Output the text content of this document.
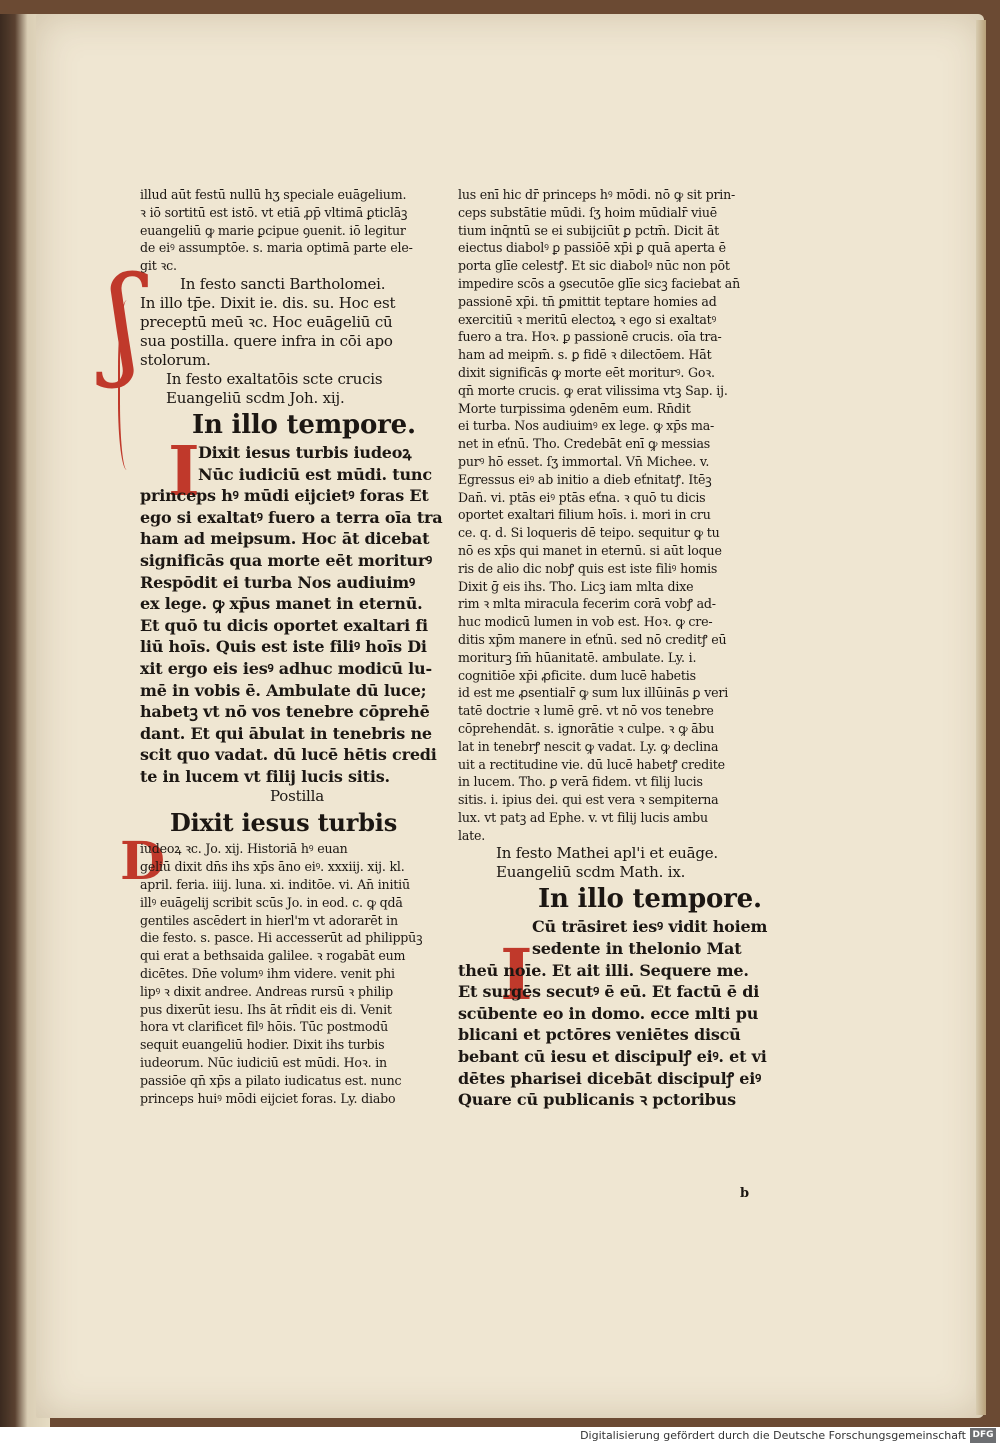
ʃ
I
D
I
illud aūt festū nullū hʒ speciale euāgelium.
ꝛ iō sortitū est istō. vt etiā ꝓp̄ vltimā ꝑticlāꝫ
euangeliū ꝙ marie ꝑcipue ꝯuenit. iō legitur
de eiꝰ assumptōe. s. maria optimā parte ele-
git ꝛc.
In festo sancti Bartholomei.
In illo tp̄e. Dixit ie. dis. su. Hoc est
preceptū meū ꝛc. Hoc euāgeliū cū
sua postilla. quere infra in cōi apo
stolorum.
In festo exaltatōis scte crucis
Euangeliū scdm Joh. xij.
In illo tempore.
Dixit iesus turbis iudeoꝝ
Nūc iudiciū est mūdi. tunc
princeps hꝰ mūdi eijcietꝰ foras Et
ego si exaltatꝰ fuero a terra oīa tra
ham ad meipsum. Hoc āt dicebat
significās qua morte eēt moriturꝰ
Respōdit ei turba Nos audiuimꝰ
ex lege. ꝙ xp̄us manet in eternū.
Et quō tu dicis oportet exaltari fi
liū hoīs. Quis est iste filiꝰ hoīs Di
xit ergo eis iesꝰ adhuc modicū lu-
mē in vobis ē. Ambulate dū luce;
habetꝫ vt nō vos tenebre cōprehē
dant. Et qui ābulat in tenebris ne
scit quo vadat. dū lucē hētis credi
te in lucem vt filij lucis sitis.
Postilla
Dixit iesus turbis
iudeoꝝ ꝛc. Jo. xij. Historiā hꝰ euan
geliū dixit dn̄s ihs xp̄s āno eiꝰ. xxxiij. xij. kl.
april. feria. iiij. luna. xi. inditōe. vi. An̄ initiū
illꝰ euāgelij scribit scūs Jo. in eod. c. ꝙ qdā
gentiles ascēdert in hierl'm vt adorarēt in
die festo. s. pasce. Hi accesserūt ad philippūꝫ
qui erat a bethsaida galilee. ꝛ rogabāt eum
dicētes. Dn̄e volumꝰ ihm videre. venit phi
lipꝰ ꝛ dixit andree. Andreas rursū ꝛ philip
pus dixerūt iesu. Ihs āt rn̄dit eis di. Venit
hora vt clarificet filꝰ hōis. Tūc postmodū
sequit euangeliū hodier. Dixit ihs turbis
iudeorum. Nūc iudiciū est mūdi. Hoꝛ. in
passiōe qn̄ xp̄s a pilato iudicatus est. nunc
princeps huiꝰ mōdi eijciet foras. Ly. diabo
lus enī hic dr̄ princeps hꝰ mōdi. nō ꝙ sit prin-
ceps substātie mūdi. ſʒ hoim mūdialr̄ viuē
tium inq̄ntū se ei subijciūt ꝑ pctm̄. Dicit āt
eiectus diabolꝰ ꝑ passiōē xp̄i ꝑ quā aperta ē
porta glīe celestꝭ. Et sic diabolꝰ nūc non pōt
impedire scōs a ꝯsecutōe glīe sicꝫ faciebat an̄
passionē xp̄i. tn̄ ꝑmittit teptare homies ad
exercitiū ꝛ meritū electoꝝ ꝛ ego si exaltatꝰ
fuero a tra. Hoꝛ. ꝑ passionē crucis. oīa tra-
ham ad meipm̄. s. ꝑ fidē ꝛ dilectōem. Hāt
dixit significās ꝙ morte eēt moriturꝰ. Goꝛ.
qn̄ morte crucis. ꝙ erat vilissima vtꝫ Sap. ij.
Morte turpissima ꝯdenēm eum. Rn̄dit
ei turba. Nos audiuimꝰ ex lege. ꝙ xp̄s ma-
net in eťnū. Tho. Credebāt enī ꝙ messias
purꝰ hō esset. ſʒ immortal. Vn̄ Michee. v.
Egressus eiꝰ ab initio a dieb eťnitatꝭ. Itēꝫ
Dan̄. vi. ptās eiꝰ ptās eťna. ꝛ quō tu dicis
oportet exaltari filium hoīs. i. mori in cru
ce. q. d. Si loqueris dē teipo. sequitur ꝙ tu
nō es xp̄s qui manet in eternū. si aūt loque
ris de alio dic nobꝭ quis est iste filiꝰ homis
Dixit ḡ eis ihs. Tho. Licꝫ iam mlta dixe
rim ꝛ mlta miracula fecerim corā vobꝭ ad-
huc modicū lumen in vob est. Hoꝛ. ꝙ cre-
ditis xp̄m manere in eťnū. sed nō creditꝭ eū
moriturꝫ ſm̄ hūanitatē. ambulate. Ly. i.
cognitiōe xp̄i ꝓficite. dum lucē habetis
id est me ꝓsentialr̄ ꝙ sum lux illūinās ꝑ veri
tatē doctrie ꝛ lumē grē. vt nō vos tenebre
cōprehendāt. s. ignorātie ꝛ culpe. ꝛ ꝙ ābu
lat in tenebrꝭ nescit ꝙ vadat. Ly. ꝙ declina
uit a rectitudine vie. dū lucē habetꝭ credite
in lucem. Tho. ꝑ verā fidem. vt filij lucis
sitis. i. ipius dei. qui est vera ꝛ sempiterna
lux. vt patꝫ ad Ephe. v. vt filij lucis ambu
late.
In festo Mathei apl'i et euāge.
Euangeliū scdm Math. ix.
In illo tempore.
Cū trāsiret iesꝰ vidit hoiem
sedente in thelonio Mat
theū noīe. Et ait illi. Sequere me.
Et surgēs secutꝰ ē eū. Et factū ē di
scūbente eo in domo. ecce mlti pu
blicani et pctōres veniētes discū
bebant cū iesu et discipulꝭ eiꝰ. et vi
dētes pharisei dicebāt discipulꝭ eiꝰ
Quare cū publicanis ꝛ pctoribus
b
Digitalisierung gefördert durch die Deutsche Forschungsgemeinschaft DFG
